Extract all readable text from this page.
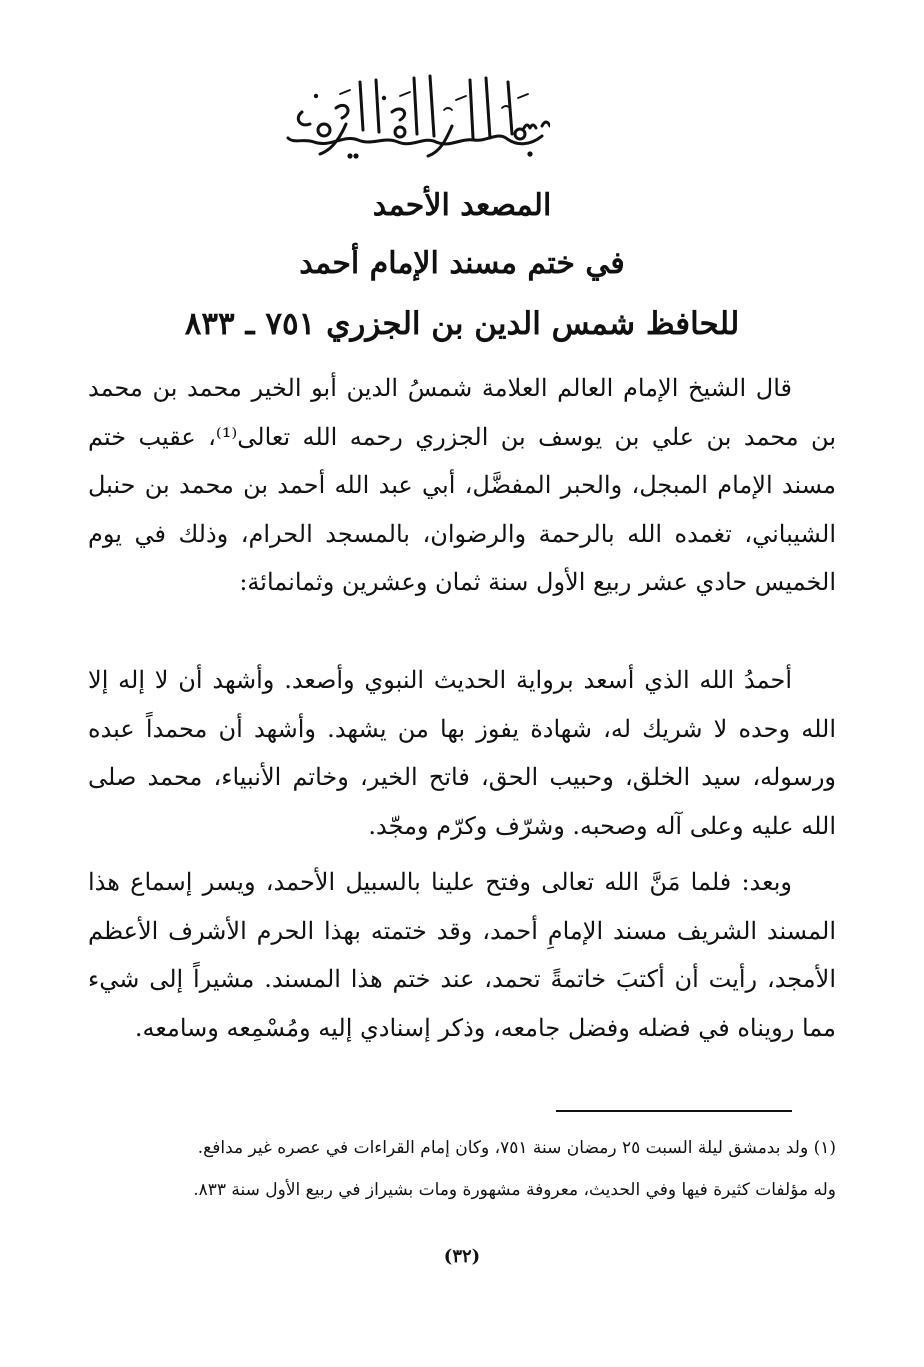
المصعد الأحمد
في ختم مسند الإمام أحمد
للحافظ شمس الدين بن الجزري ٧٥١ ـ ٨٣٣
قال الشيخ الإمام العالم العلامة شمسُ الدين أبو الخير محمد بن محمد بن محمد بن علي بن يوسف بن الجزري رحمه الله تعالى⁽¹⁾، عقيب ختم مسند الإمام المبجل، والحبر المفضَّل، أبي عبد الله أحمد بن محمد بن حنبل الشيباني، تغمده الله بالرحمة والرضوان، بالمسجد الحرام، وذلك في يوم الخميس حادي عشر ربيع الأول سنة ثمان وعشرين وثمانمائة:
أحمدُ الله الذي أسعد برواية الحديث النبوي وأصعد. وأشهد أن لا إله إلا الله وحده لا شريك له، شهادة يفوز بها من يشهد. وأشهد أن محمداً عبده ورسوله، سيد الخلق، وحبيب الحق، فاتح الخير، وخاتم الأنبياء، محمد صلى الله عليه وعلى آله وصحبه. وشرّف وكرّم ومجّد.
وبعد: فلما مَنَّ الله تعالى وفتح علينا بالسبيل الأحمد، ويسر إسماع هذا المسند الشريف مسند الإمامِ أحمد، وقد ختمته بهذا الحرم الأشرف الأعظم الأمجد، رأيت أن أكتبَ خاتمةً تحمد، عند ختم هذا المسند. مشيراً إلى شيء مما رويناه في فضله وفضل جامعه، وذكر إسنادي إليه ومُسْمِعه وسامعه.
(١) ولد بدمشق ليلة السبت ٢٥ رمضان سنة ٧٥١، وكان إمام القراءات في عصره غير مدافع.
وله مؤلفات كثيرة فيها وفي الحديث، معروفة مشهورة ومات بشيراز في ربيع الأول سنة ٨٣٣.
(٣٢)
